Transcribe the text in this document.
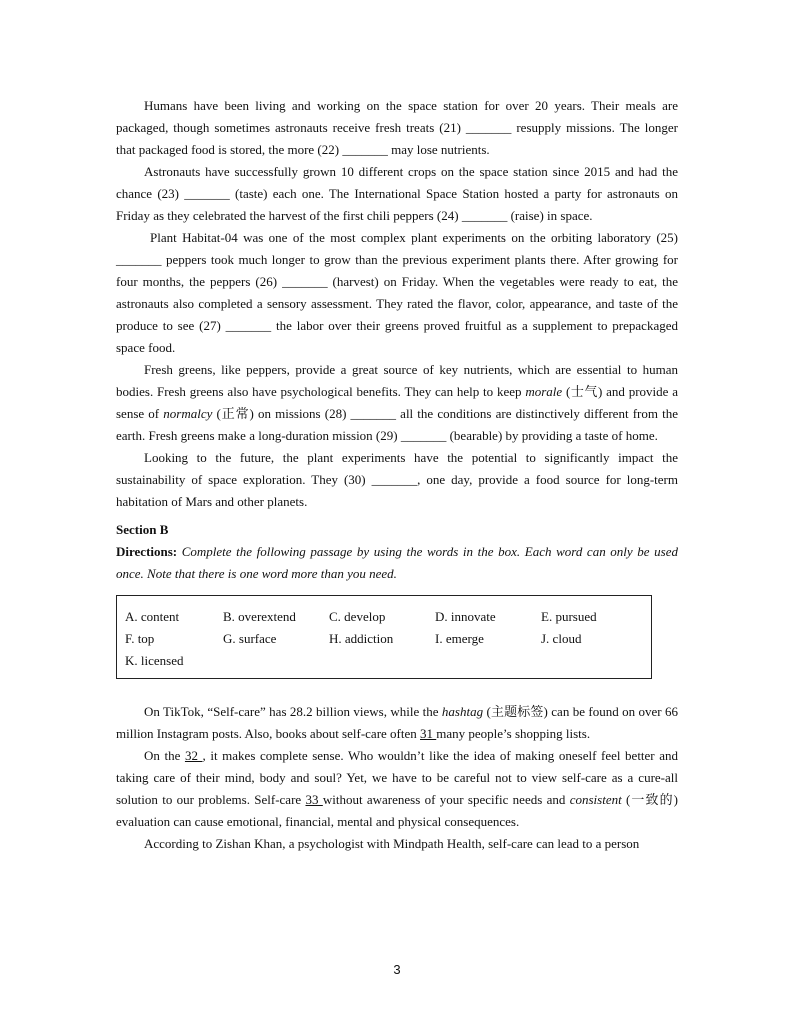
Humans have been living and working on the space station for over 20 years. Their meals are packaged, though sometimes astronauts receive fresh treats (21) _______ resupply missions. The longer that packaged food is stored, the more (22) _______ may lose nutrients.

Astronauts have successfully grown 10 different crops on the space station since 2015 and had the chance (23) _______ (taste) each one. The International Space Station hosted a party for astronauts on Friday as they celebrated the harvest of the first chili peppers (24) _______ (raise) in space.

Plant Habitat-04 was one of the most complex plant experiments on the orbiting laboratory (25) _______ peppers took much longer to grow than the previous experiment plants there. After growing for four months, the peppers (26) _______ (harvest) on Friday. When the vegetables were ready to eat, the astronauts also completed a sensory assessment. They rated the flavor, color, appearance, and taste of the produce to see (27) _______ the labor over their greens proved fruitful as a supplement to prepackaged space food.

Fresh greens, like peppers, provide a great source of key nutrients, which are essential to human bodies. Fresh greens also have psychological benefits. They can help to keep morale (士气) and provide a sense of normalcy (正常) on missions (28) _______ all the conditions are distinctively different from the earth. Fresh greens make a long-duration mission (29) _______ (bearable) by providing a taste of home.

Looking to the future, the plant experiments have the potential to significantly impact the sustainability of space exploration. They (30) _______, one day, provide a food source for long-term habitation of Mars and other planets.

Section B

Directions: Complete the following passage by using the words in the box. Each word can only be used once. Note that there is one word more than you need.

A. content	B. overextend	C. develop	D. innovate	E. pursued
F. top	G. surface	H. addiction	I. emerge	J. cloud
K. licensed

On TikTok, “Self-care” has 28.2 billion views, while the hashtag (主题标签) can be found on over 66 million Instagram posts. Also, books about self-care often 31 many people’s shopping lists.

On the 32 , it makes complete sense. Who wouldn’t like the idea of making oneself feel better and taking care of their mind, body and soul? Yet, we have to be careful not to view self-care as a cure-all solution to our problems. Self-care 33 without awareness of your specific needs and consistent (一致的) evaluation can cause emotional, financial, mental and physical consequences.

According to Zishan Khan, a psychologist with Mindpath Health, self-care can lead to a person

3
